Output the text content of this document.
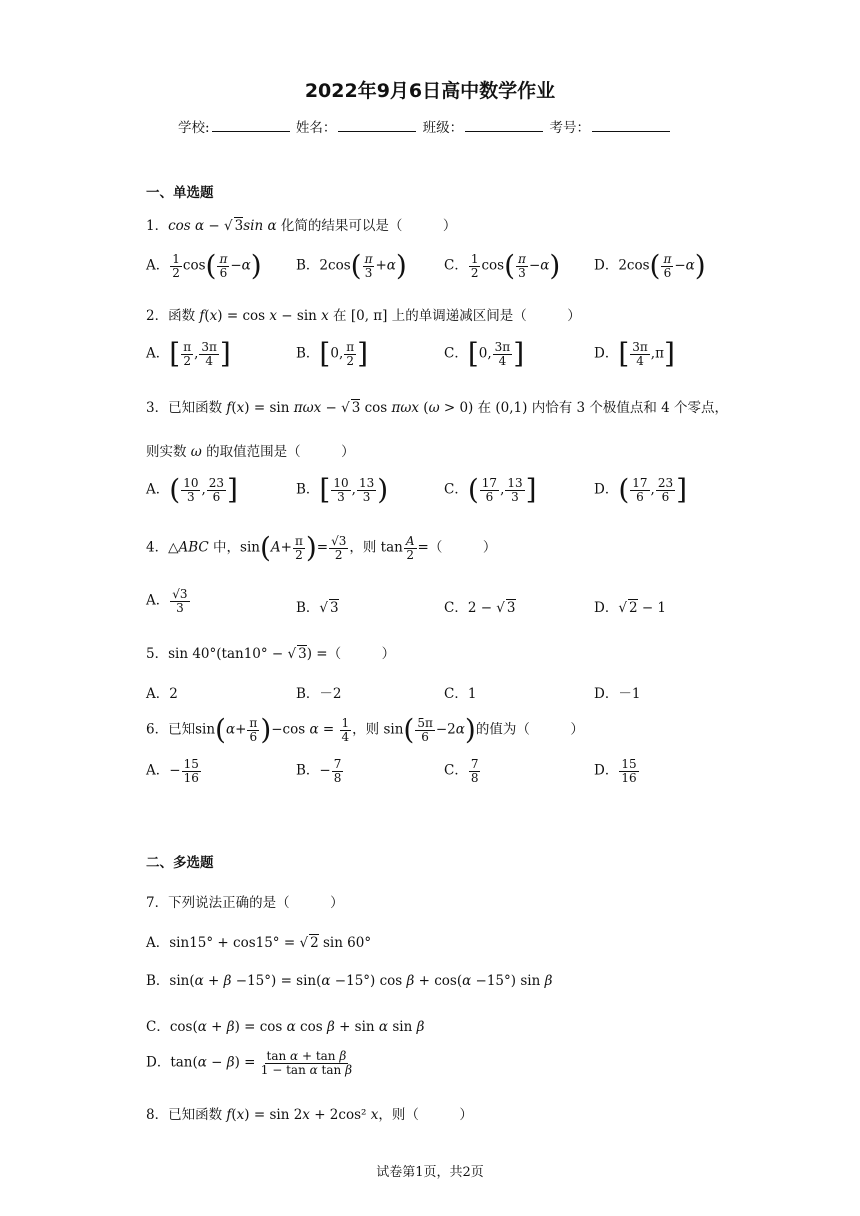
2022年9月6日高中数学作业
学校:	姓名：	班级：	考号：
一、单选题
1．cos α − √ 3sin α 化简的结果可以是（　　　）
A． $\frac{1}{2} \cos( \frac{\pi}{6} -\alpha)$	B．$2\cos( \frac{\pi}{3} +\alpha)$	C． $\frac{1}{2} \cos( \frac{\pi}{3} -\alpha)$ D．$2\cos( \frac{\pi}{6} -\alpha)$
2．函数 f(x) = cos x − sin x 在 [0, π] 上的单调递减区间是（　　　）
A．[ $\frac{\pi}{2}$ , $\frac{3\pi}{4}$ ]	B．[0, $\frac{\pi}{2}$ ]	C．[0, $\frac{3\pi}{4}$ ]	D．[ $\frac{3\pi}{4} ,\pi$]
3．已知函数 f(x) = sin πωx − √ 3 cos πωx (ω > 0) 在 (0,1) 内恰有 3 个极值点和 4 个零点，
则实数 ω 的取值范围是（　　　）
A．( $\frac{10}{3}$ , $\frac{23}{6}$ ]	B．[ $\frac{10}{3}$ , $\frac{13}{3}$ )	C．( $\frac{17}{6}$ , $\frac{13}{3}$ ]	D．( $\frac{17}{6}$ , $\frac{23}{6}$ ]
4．△ABC 中，$\sin(A+ \frac{\pi}{2}$ )= $\frac{√3}{2}$ ，则 $\tan \frac{A}{2}$ =（　　　）
A． $\frac{√3}{3}$	B．√ 3	C．2 − √ 3	D．√ 2 − 1
5．sin 40°(tan10° − √ 3) =（　　　）
A．2	B．－2	C．1	D．－1
6．已知$\sin(\alpha+ \frac{\pi}{6} )-\cos$ $\alpha = \frac{1}{4}$ ，则 $\sin( \frac{5\pi}{6} -2\alpha)$的值为（　　　）
A．− $\frac{15}{16}$	B．− $\frac{7}{8}$	C． $\frac{7}{8}$	D． $\frac{15}{16}$
二、多选题
7．下列说法正确的是（　　　）
A．sin15° + cos15° = √ 2 sin 60°
B．sin(α + β −15°) = sin(α −15°) cos β + cos(α −15°) sin β
C．cos(α + β) = cos α cos β + sin α sin β
D．$\tan(\alpha - \beta) = \frac{\text{tan α + tan β}}{\text{1 − tan α tan β}}$
8．已知函数 f(x) = sin 2x + 2cos² x，则（　　　）
试卷第1页，共2页
